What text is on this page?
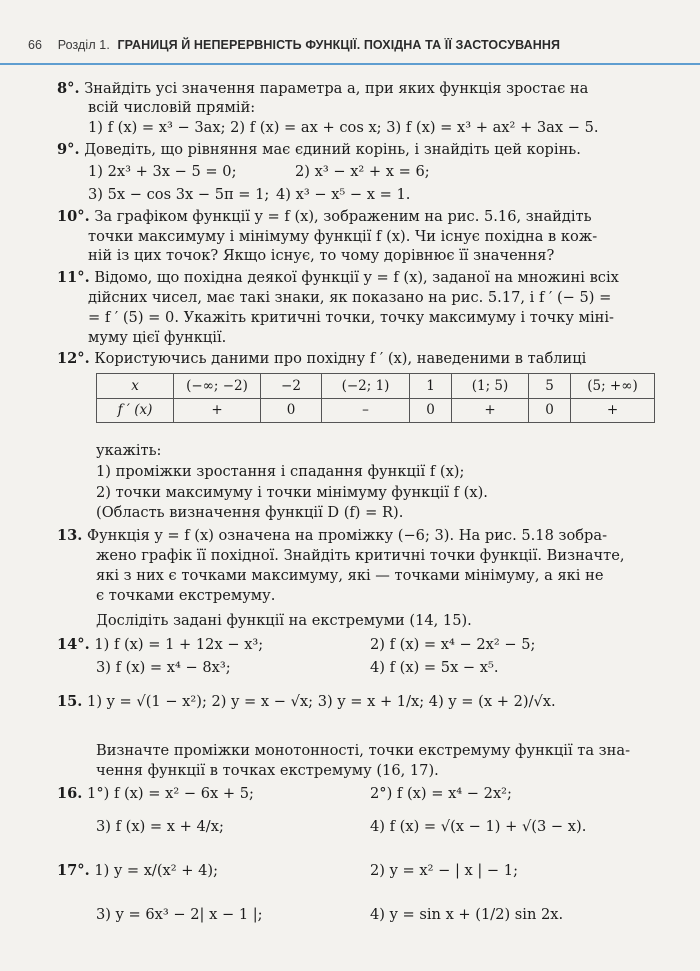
66 Розділ 1. ГРАНИЦЯ Й НЕПЕРЕРВНІСТЬ ФУНКЦІЇ. ПОХІДНА ТА ЇЇ ЗАСТОСУВАННЯ
8°. Знайдіть усі значення параметра a, при яких функція зростає на
всій числовій прямій:
1) f (x) = x³ − 3ax; 2) f (x) = ax + cos x; 3) f (x) = x³ + ax² + 3ax − 5.
9°. Доведіть, що рівняння має єдиний корінь, і знайдіть цей корінь.
1) 2x³ + 3x − 5 = 0;	2) x³ − x² + x = 6;
3) 5x − cos 3x − 5π = 1; 4) x³ − x⁵ − x = 1.
10°. За графіком функції y = f (x), зображеним на рис. 5.16, знайдіть
точки максимуму і мінімуму функції f (x). Чи існує похідна в кож-
ній із цих точок? Якщо існує, то чому дорівнює її значення?
11°. Відомо, що похідна деякої функції y = f (x), заданої на множині всіх
дійсних чисел, має такі знаки, як показано на рис. 5.17, і f ′ (− 5) =
= f ′ (5) = 0. Укажіть критичні точки, точку максимуму і точку міні-
муму цієї функції.
12°. Користуючись даними про похідну f ′ (x), наведеними в таблиці
x	(−∞; −2)	−2	(−2; 1)	1	(1; 5)	5	(5; +∞)
f ′ (x)	+	0	–	0	+	0	+
укажіть:
1) проміжки зростання і спадання функції f (x);
2) точки максимуму і точки мінімуму функції f (x).
(Область визначення функції D (f) = R).
13. Функція y = f (x) означена на проміжку (−6; 3). На рис. 5.18 зобра-
жено графік її похідної. Знайдіть критичні точки функції. Визначте,
які з них є точками максимуму, які — точками мінімуму, а які не
є точками екстремуму.
Дослідіть задані функції на екстремуми (14, 15).
14°. 1) f (x) = 1 + 12x − x³;	2) f (x) = x⁴ − 2x² − 5;
3) f (x) = x⁴ − 8x³;	4) f (x) = 5x − x⁵.
15. 1) y = √(1 − x²); 2) y = x − √x; 3) y = x + 1/x; 4) y = (x + 2)/√x.
Визначте проміжки монотонності, точки екстремуму функції та зна-
чення функції в точках екстремуму (16, 17).
16. 1°) f (x) = x² − 6x + 5;	2°) f (x) = x⁴ − 2x²;
3) f (x) = x + 4/x;	4) f (x) = √(x − 1) + √(3 − x).
17°. 1) y = x/(x² + 4);	2) y = x² − | x | − 1;
3) y = 6x³ − 2| x − 1 |;	4) y = sin x + (1/2) sin 2x.
